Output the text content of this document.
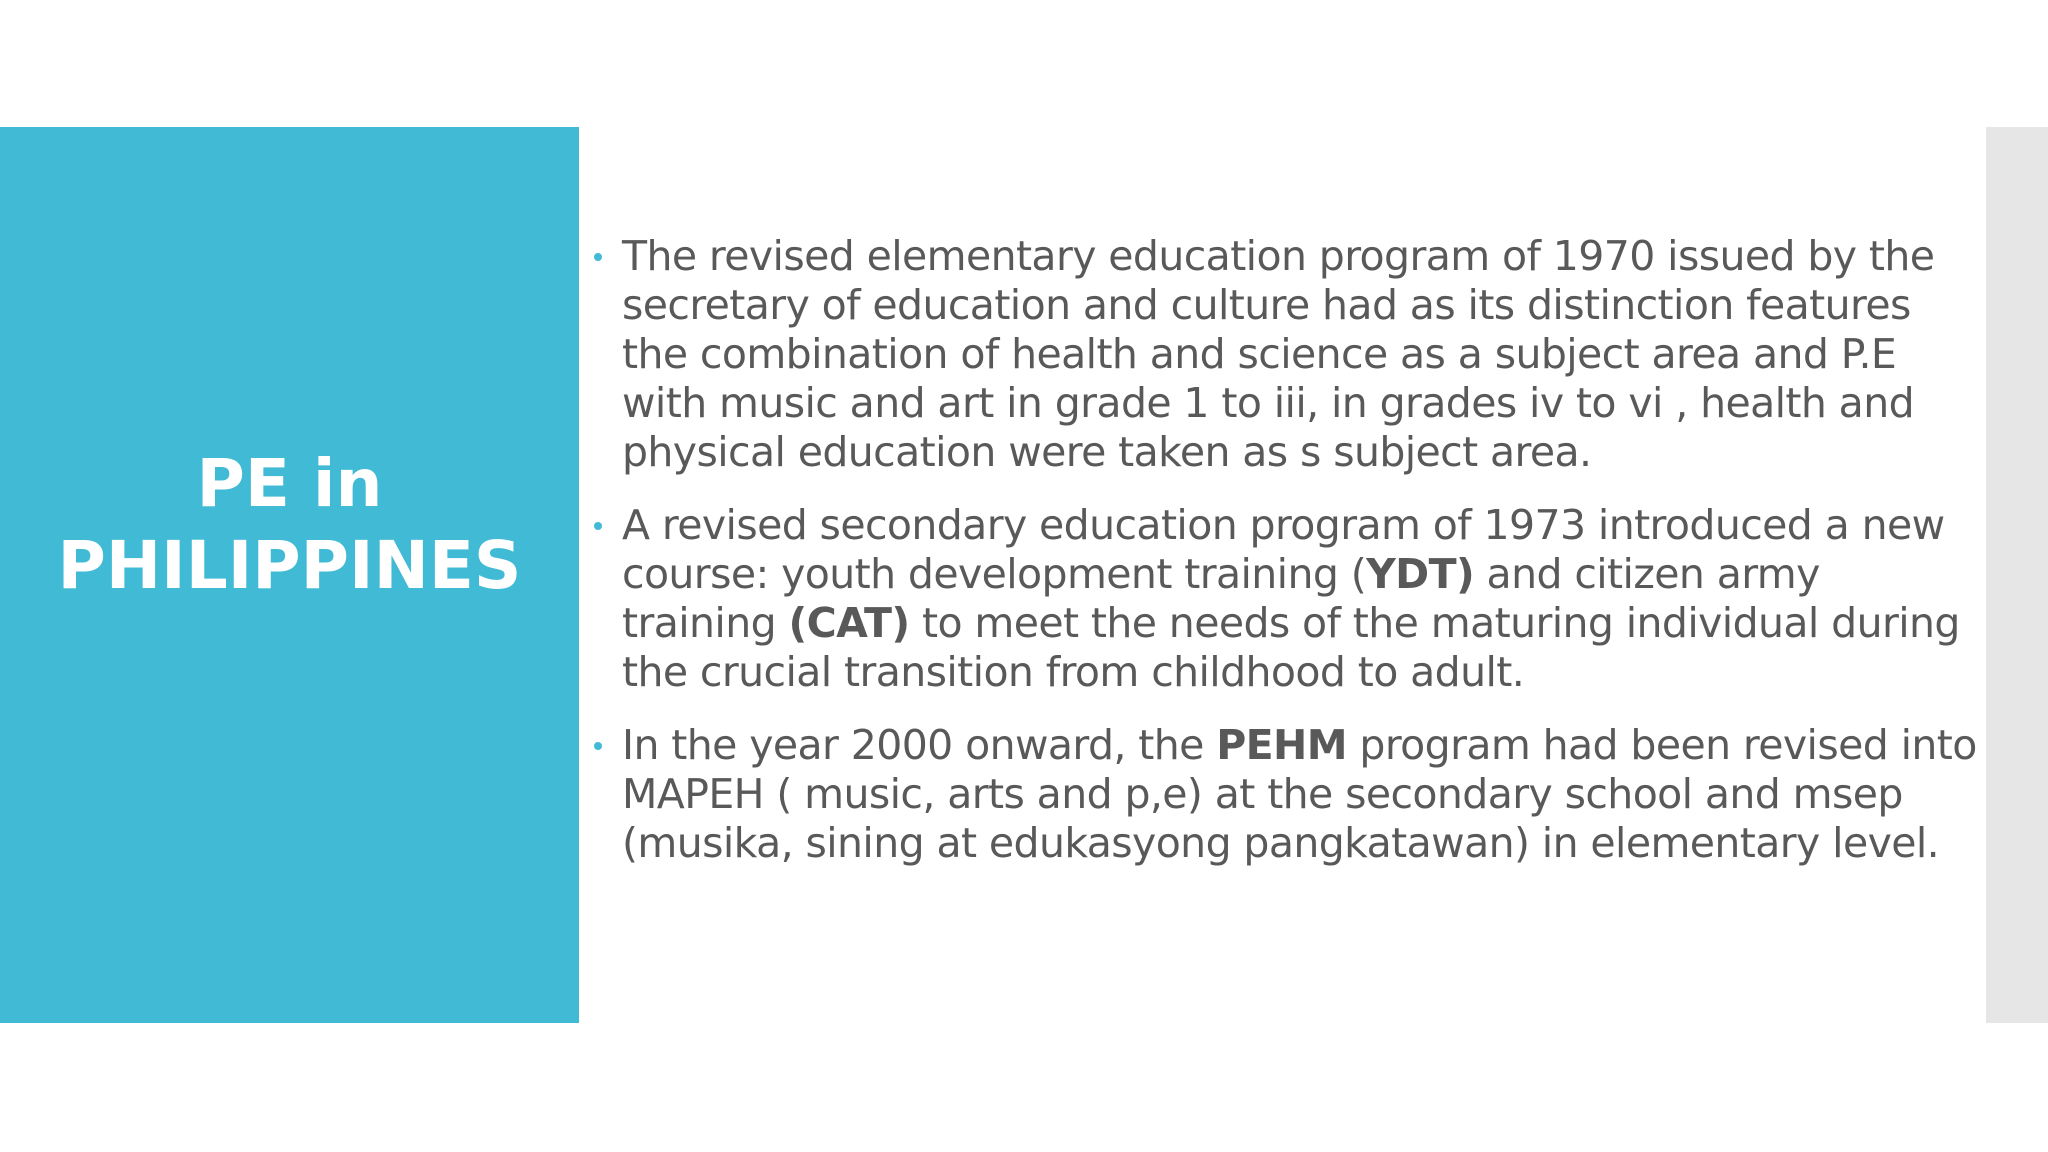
PE in
PHILIPPINES
The revised elementary education program of 1970 issued by the secretary of education and culture had as its distinction features the combination of health and science as a subject area and P.E with music and art in grade 1 to iii, in grades iv to vi , health and physical education were taken as s subject area.
A revised secondary education program of 1973 introduced a new course: youth development training (YDT) and citizen army training (CAT) to meet the needs of the maturing individual during the crucial transition from childhood to adult.
In the year 2000 onward, the PEHM program had been revised into MAPEH ( music, arts and p,e) at the secondary school and msep (musika, sining at edukasyong pangkatawan) in elementary level.
